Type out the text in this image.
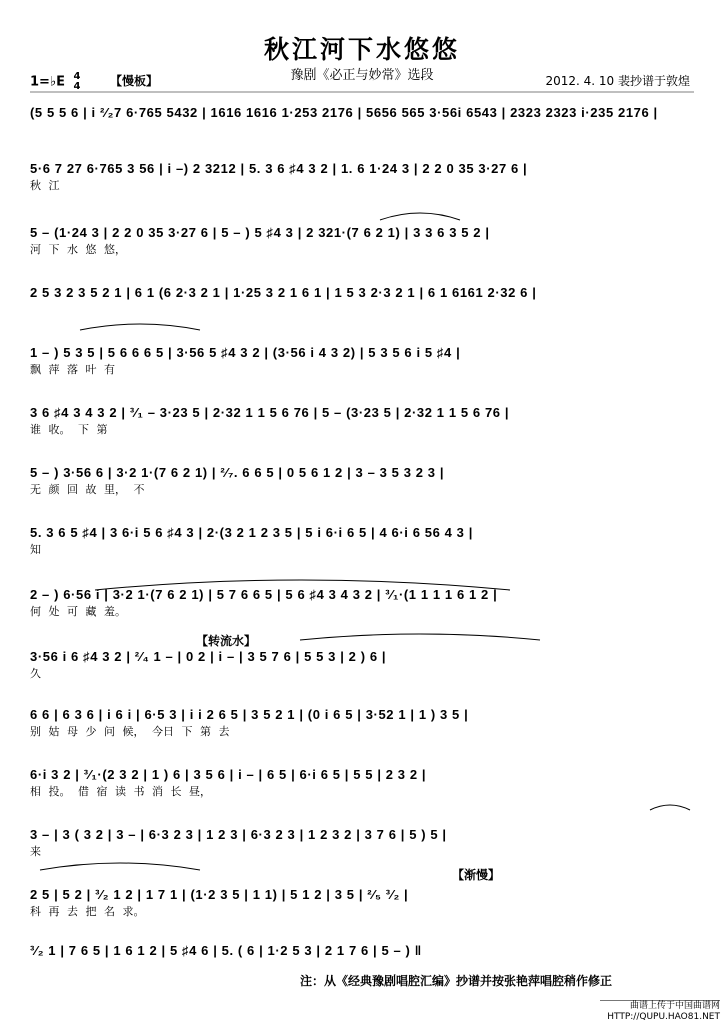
秋江河下水悠悠
豫剧《必正与妙常》选段
1=♭E 4
4	【慢板】	2012. 4. 10 裴抄谱于敦煌
【转流水】
【渐慢】
(5 5 5 6 | i ²⁄₂7 6·765 5432 | 1616 1616 1·253 2176 | 5656 565 3·56i 6543 | 2323 2323 i·235 2176 |
5·6 7 27 6·765 3 56 | i –) 2 3212 | 5. 3 6 ♯4 3 2 | 1. 6 1·24 3 | 2 2 0 35 3·27 6 |
秋 江
5 – (1·24 3 | 2 2 0 35 3·27 6 | 5 – ) 5 ♯4 3 | 2 321·(7 6 2 1) | 3 3 6 3 5 2 |
河 下 水 悠 悠，
2 5 3 2 3 5 2 1 | 6 1 (6 2·3 2 1 | 1·25 3 2 1 6 1 | 1 5 3 2·3 2 1 | 6 1 6161 2·32 6 |
1 – ) 5 3 5 | 5 6 6 6 5 | 3·56 5 ♯4 3 2 | (3·56 i 4 3 2) | 5 3 5 6 i 5 ♯4 |
飘 萍 落 叶 有
3 6 ♯4 3 4 3 2 | ³⁄₁ – 3·23 5 | 2·32 1 1 5 6 76 | 5 – (3·23 5 | 2·32 1 1 5 6 76 |
谁 收。 下 第
5 – ) 3·56 6 | 3·2 1·(7 6 2 1) | ²⁄₇. 6 6 5 | 0 5 6 1 2 | 3 – 3 5 3 2 3 |
无 颜 回 故 里， 不
5. 3 6 5 ♯4 | 3 6·i 5 6 ♯4 3 | 2·(3 2 1 2 3 5 | 5 i 6·i 6 5 | 4 6·i 6 56 4 3 |
知
2 – ) 6·56 i | 3·2 1·(7 6 2 1) | 5 7 6 6 5 | 5 6 ♯4 3 4 3 2 | ³⁄₁·(1 1 1 1 6 1 2 |
何 处 可 藏 羞。
3·56 i 6 ♯4 3 2 | ²⁄₄ 1 – | 0 2 | i – | 3 5 7 6 | 5 5 3 | 2 ) 6 |
久
6 6 | 6 3 6 | i 6 i | 6·5 3 | i i 2 6 5 | 3 5 2 1 | (0 i 6 5 | 3·52 1 | 1 ) 3 5 |
别 姑 母 少 问 候， 今日 下 第 去
6·i 3 2 | ³⁄₁·(2 3 2 | 1 ) 6 | 3 5 6 | i – | 6 5 | 6·i 6 5 | 5 5 | 2 3 2 |
相 投。 借 宿 读 书 消 长 昼，
3 – | 3 ( 3 2 | 3 – | 6·3 2 3 | 1 2 3 | 6·3 2 3 | 1 2 3 2 | 3 7 6 | 5 ) 5 |
来
2 5 | 5 2 | ³⁄₂ 1 2 | 1 7 1 | (1·2 3 5 | 1 1) | 5 1 2 | 3 5 | ²⁄₅ ³⁄₂ |
科 再 去 把 名 求。
³⁄₂ 1 | 7 6 5 | 1 6 1 2 | 5 ♯4 6 | 5. ( 6 | 1·2 5 3 | 2 1 7 6 | 5 – ) ‖
注：从《经典豫剧唱腔汇编》抄谱并按张艳萍唱腔稍作修正
曲谱上传于中国曲谱网
HTTP://QUPU.HAO81.NET
